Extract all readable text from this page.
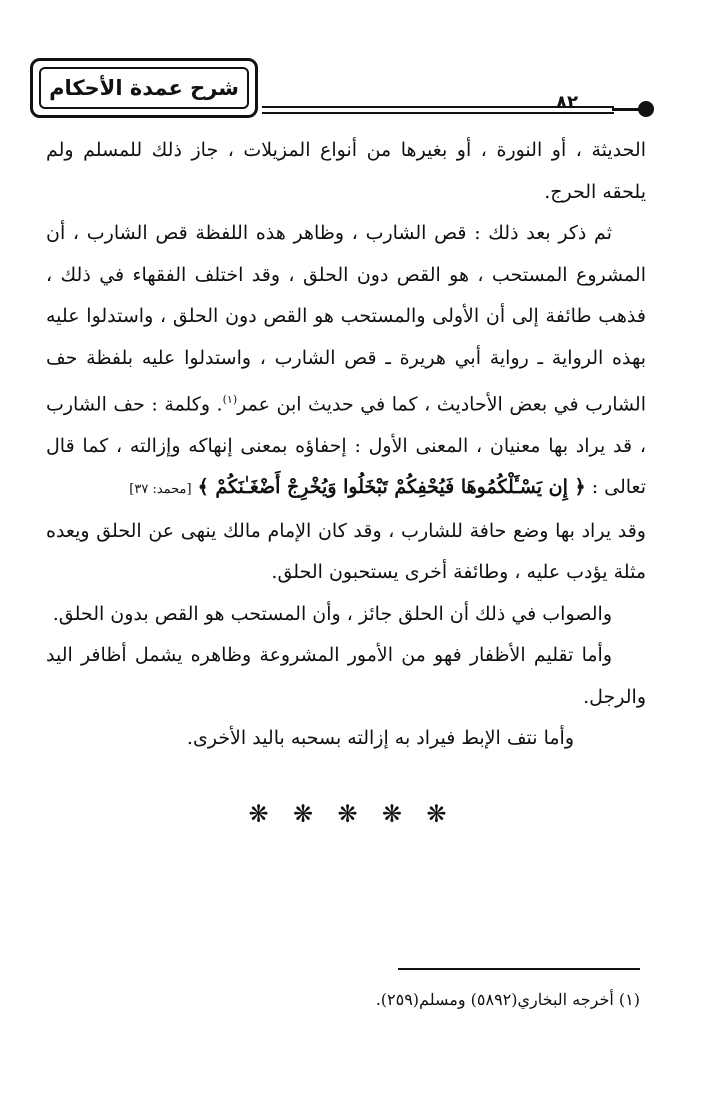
شرح عمدة الأحكام
٨٢

الحديثة ، أو النورة ، أو بغيرها من أنواع المزيلات ، جاز ذلك للمسلم ولم يلحقه الحرج.

ثم ذكر بعد ذلك : قص الشارب ، وظاهر هذه اللفظة قص الشارب ، أن المشروع المستحب ، هو القص دون الحلق ، وقد اختلف الفقهاء في ذلك ، فذهب طائفة إلى أن الأولى والمستحب هو القص دون الحلق ، واستدلوا عليه بهذه الرواية ـ رواية أبي هريرة ـ قص الشارب ، واستدلوا عليه بلفظة حف الشارب في بعض الأحاديث ، كما في حديث ابن عمر$^{(١)}$. وكلمة : حف الشارب ، قد يراد بها معنيان ، المعنى الأول : إحفاؤه بمعنى إنهاكه وإزالته ، كما قال تعالى : ﴿ إِن يَسْـَٔلْكُمُوهَا فَيُحْفِكُمْ تَبْخَلُوا وَيُخْرِجْ أَضْغَـٰنَكُمْ ﴾ [محمد: ٣٧]

وقد يراد بها وضع حافة للشارب ، وقد كان الإمام مالك ينهى عن الحلق ويعده مثلة يؤدب عليه ، وطائفة أخرى يستحبون الحلق.

والصواب في ذلك أن الحلق جائز ، وأن المستحب هو القص بدون الحلق.

وأما تقليم الأظفار فهو من الأمور المشروعة وظاهره يشمل أظافر اليد والرجل.

وأما نتف الإبط فيراد به إزالته بسحبه باليد الأخرى.

❋ ❋ ❋ ❋ ❋
(١) أخرجه البخاري(٥٨٩٢) ومسلم(٢٥٩).
